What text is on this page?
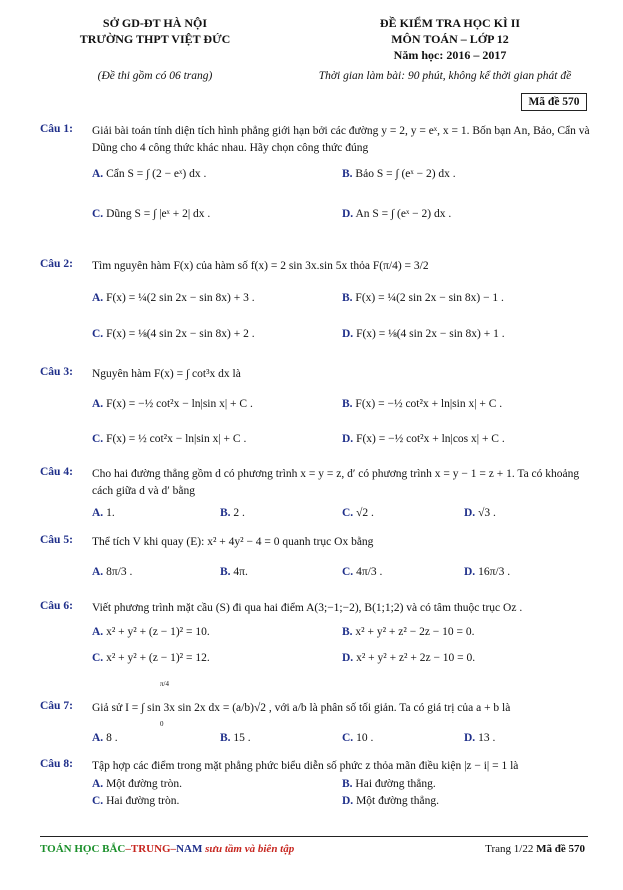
SỞ GD-ĐT HÀ NỘI
TRƯỜNG THPT VIỆT ĐỨC
ĐỀ KIỂM TRA HỌC KÌ II
MÔN TOÁN – LỚP 12
Năm học: 2016 – 2017
(Đề thi gồm có 06 trang)	Thời gian làm bài: 90 phút, không kể thời gian phát đề
Mã đề 570
Câu 1:	Giải bài toán tính diện tích hình phẳng giới hạn bởi các đường y = 2, y = eˣ, x = 1. Bốn bạn An, Bảo, Cẩn và Dũng cho 4 công thức khác nhau. Hãy chọn công thức đúng
A. Cẩn S = ∫ (2 − eˣ) dx .	B. Bảo S = ∫ (eˣ − 2) dx .
C. Dũng S = ∫ |eˣ + 2| dx .	D. An S = ∫ (eˣ − 2) dx .
Câu 2:	Tìm nguyên hàm F(x) của hàm số f(x) = 2 sin 3x.sin 5x thỏa F(π/4) = 3/2
A. F(x) = ¼(2 sin 2x − sin 8x) + 3 .	B. F(x) = ¼(2 sin 2x − sin 8x) − 1 .
C. F(x) = ⅛(4 sin 2x − sin 8x) + 2 .	D. F(x) = ⅛(4 sin 2x − sin 8x) + 1 .
Câu 3:	Nguyên hàm F(x) = ∫ cot³x dx là
A. F(x) = −½ cot²x − ln|sin x| + C .	B. F(x) = −½ cot²x + ln|sin x| + C .
C. F(x) = ½ cot²x − ln|sin x| + C .	D. F(x) = −½ cot²x + ln|cos x| + C .
Câu 4:	Cho hai đường thẳng gồm d có phương trình x = y = z, d′ có phương trình x = y − 1 = z + 1. Ta có khoảng cách giữa d và d′ bằng
A. 1.	B. 2 .	C. √2 .	D. √3 .
Câu 5:	Thể tích V khi quay (E): x² + 4y² − 4 = 0 quanh trục Ox bằng
A. 8π/3 .	B. 4π.	C. 4π/3 .	D. 16π/3 .
Câu 6:	Viết phương trình mặt cầu (S) đi qua hai điểm A(3;−1;−2), B(1;1;2) và có tâm thuộc trục Oz .
A. x² + y² + (z − 1)² = 10.	B. x² + y² + z² − 2z − 10 = 0.
C. x² + y² + (z − 1)² = 12.	D. x² + y² + z² + 2z − 10 = 0.
Câu 7:
π/4
Giả sử I = ∫ sin 3x sin 2x dx = (a/b)√2 , với a/b là phân số tối giản. Ta có giá trị của a + b là
0
A. 8 .	B. 15 .	C. 10 .	D. 13 .
Câu 8:	Tập hợp các điểm trong mặt phẳng phức biểu diễn số phức z thỏa mãn điều kiện |z − i| = 1 là
A. Một đường tròn.	B. Hai đường thẳng.
C. Hai đường tròn.	D. Một đường thẳng.
TOÁN HỌC BẮC–TRUNG–NAM sưu tầm và biên tập	Trang 1/22 Mã đề 570
